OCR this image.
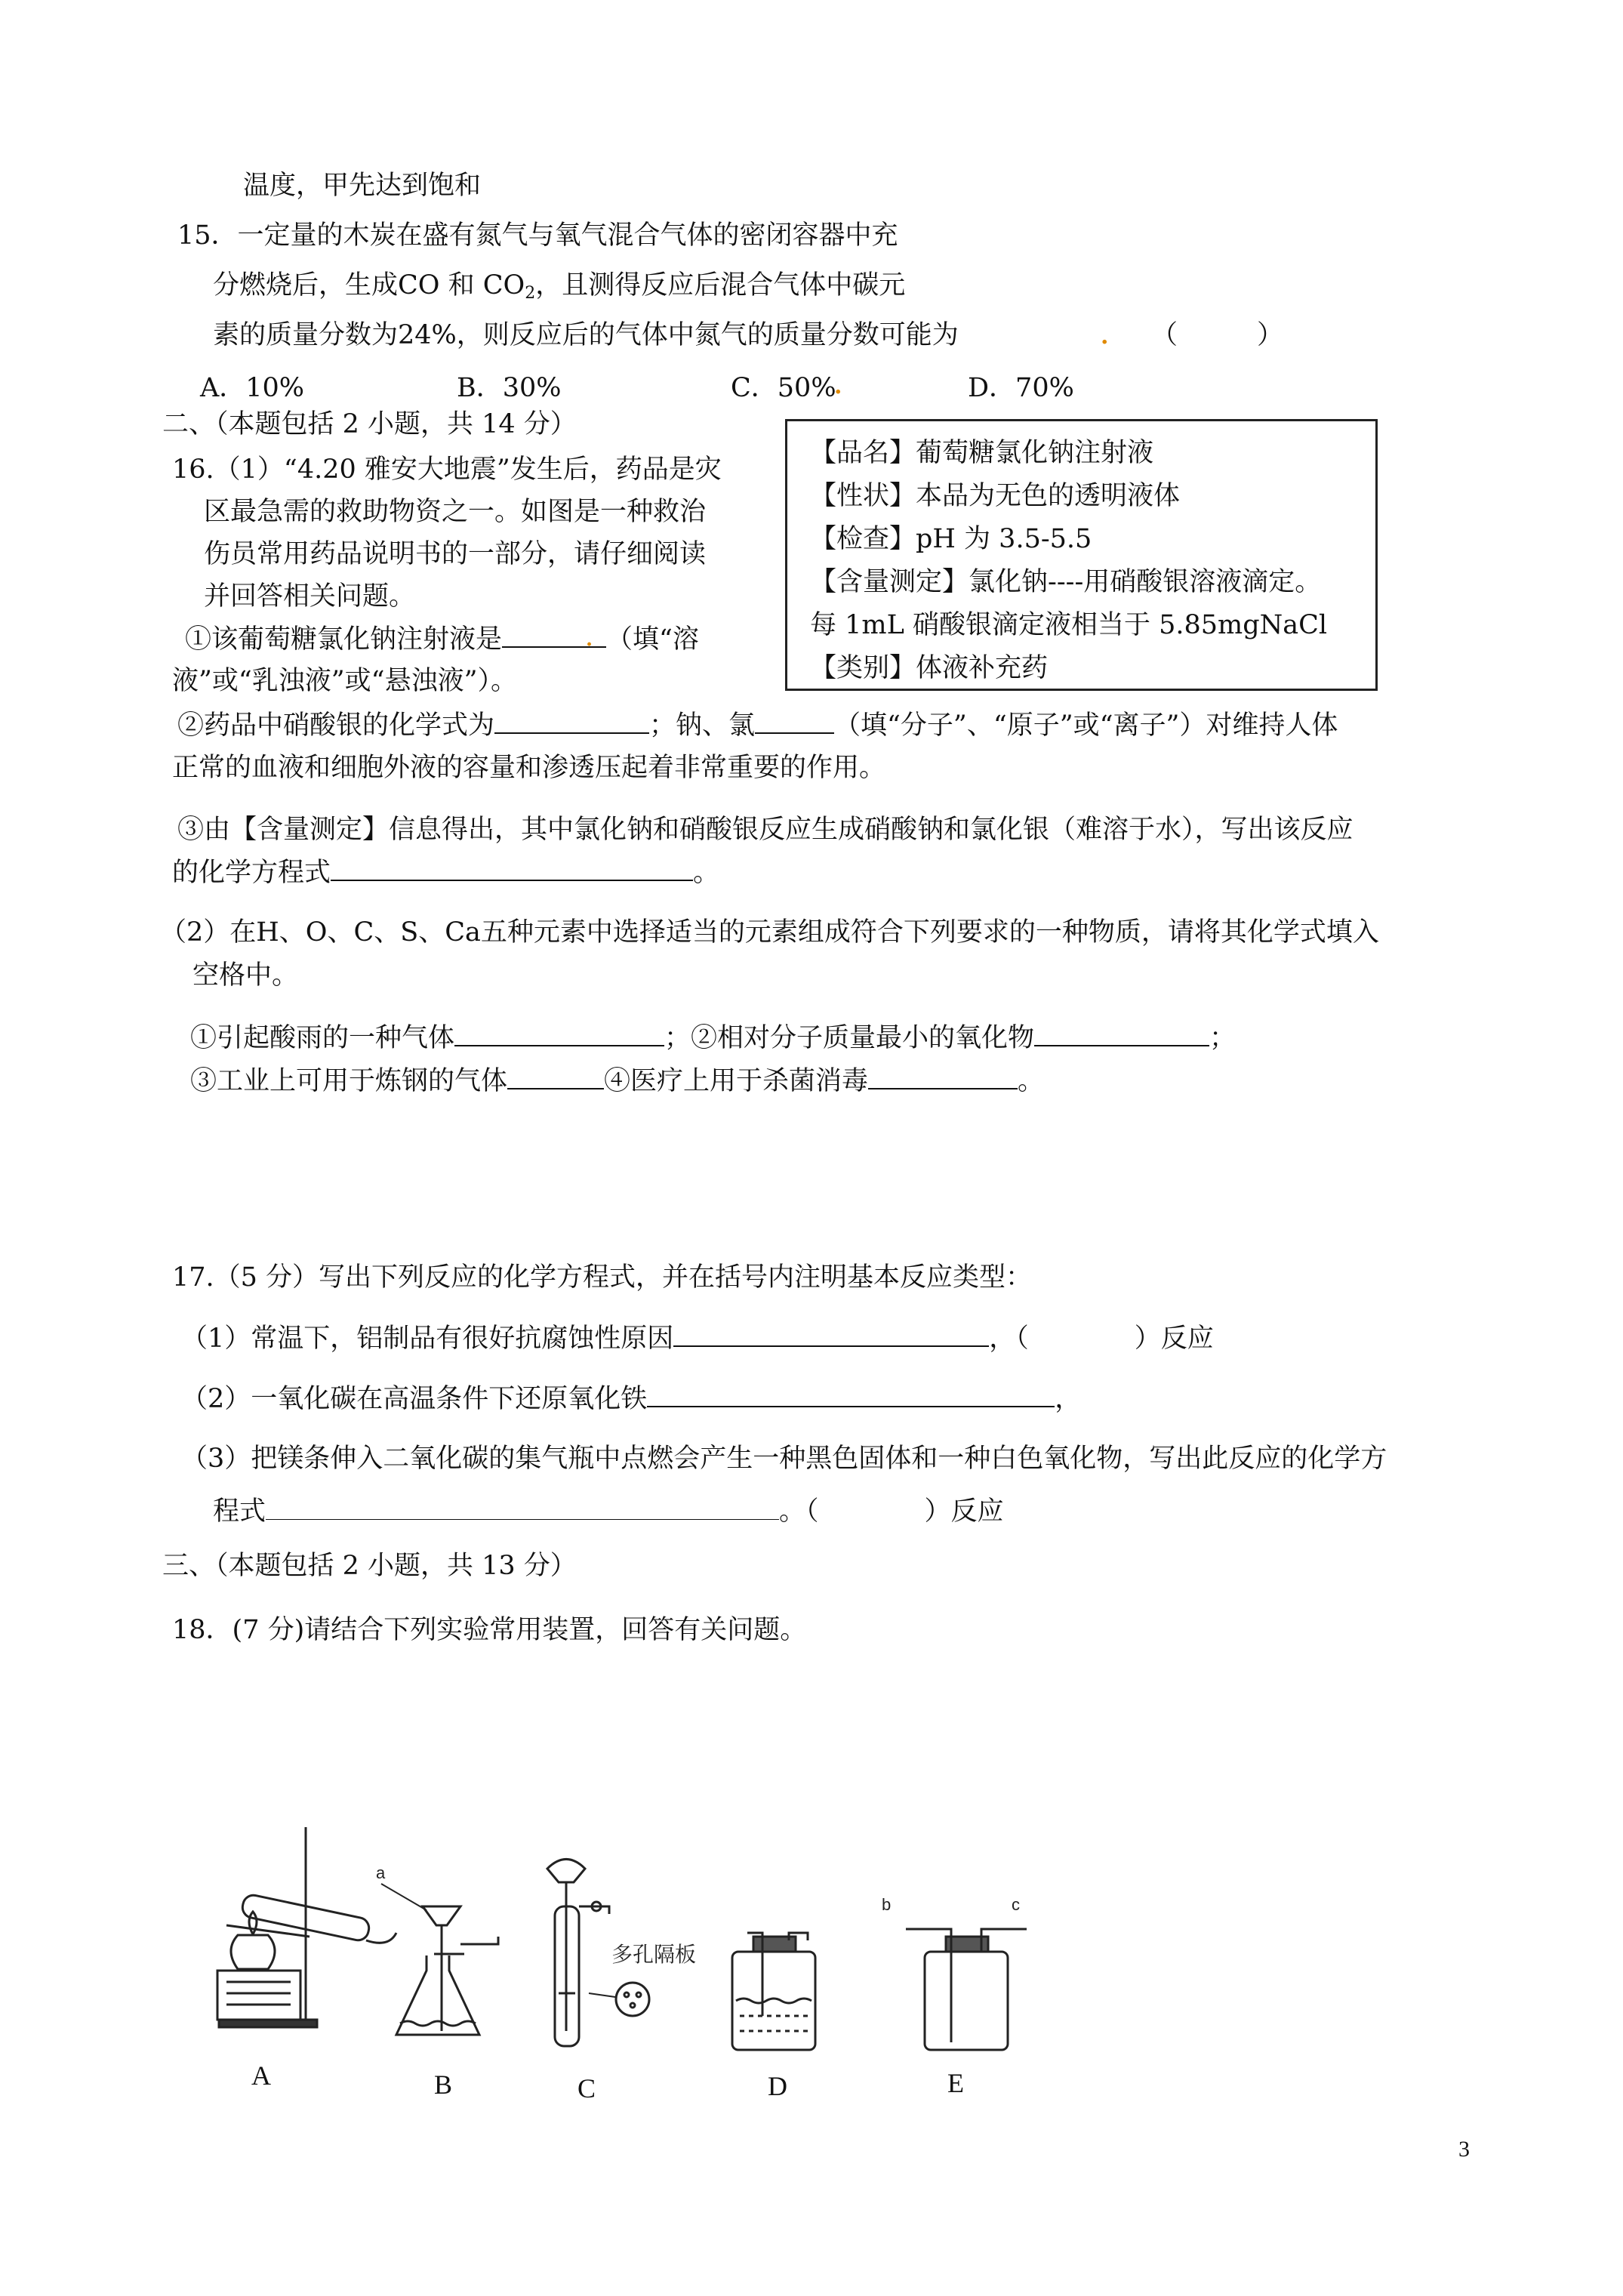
温度，甲先达到饱和
15．一定量的木炭在盛有氮气与氧气混合气体的密闭容器中充
分燃烧后，生成CO 和 $CO_2$，且测得反应后混合气体中碳元
素的质量分数为24%，则反应后的气体中氮气的质量分数可能为	. （　　　）
A．10%	B．30%	C．50%
.	D．70%
二、（本题包括 2 小题，共 14 分）
16.（1）“4.20 雅安大地震”发生后，药品是灾
区最急需的救助物资之一。如图是一种救治
伤员常用药品说明书的一部分，请仔细阅读
并回答相关问题。
①该葡萄糖氯化钠注射液是	（填“溶
.
液”或“乳浊液”或“悬浊液”）。
②药品中硝酸银的化学式为	；钠、氯	（填“分子”、“原子”或“离子”）对维持人体
正常的血液和细胞外液的容量和渗透压起着非常重要的作用。
③由【含量测定】信息得出，其中氯化钠和硝酸银反应生成硝酸钠和氯化银（难溶于水），写出该反应
的化学方程式	。
（2）在H、O、C、S、Ca五种元素中选择适当的元素组成符合下列要求的一种物质，请将其化学式填入
空格中。
①引起酸雨的一种气体	；②相对分子质量最小的氧化物	；
③工业上可用于炼钢的气体	④医疗上用于杀菌消毒	。
【品名】葡萄糖氯化钠注射液
【性状】本品为无色的透明液体
【检查】pH 为 3.5-5.5
【含量测定】氯化钠----用硝酸银溶液滴定。
每 1mL 硝酸银滴定液相当于 5.85mgNaCl
【类别】体液补充药
17.（5 分）写出下列反应的化学方程式，并在括号内注明基本反应类型：
（1）常温下，铝制品有很好抗腐蚀性原因	，（　　　　）反应
（2）一氧化碳在高温条件下还原氧化铁	，
（3）把镁条伸入二氧化碳的集气瓶中点燃会产生一种黑色固体和一种白色氧化物，写出此反应的化学方
程式	。（　　　　）反应
三、（本题包括 2 小题，共 13 分）
18．(7 分)请结合下列实验常用装置，回答有关问题。
a
b	c
多孔隔板
A	B	C	D	E
3
